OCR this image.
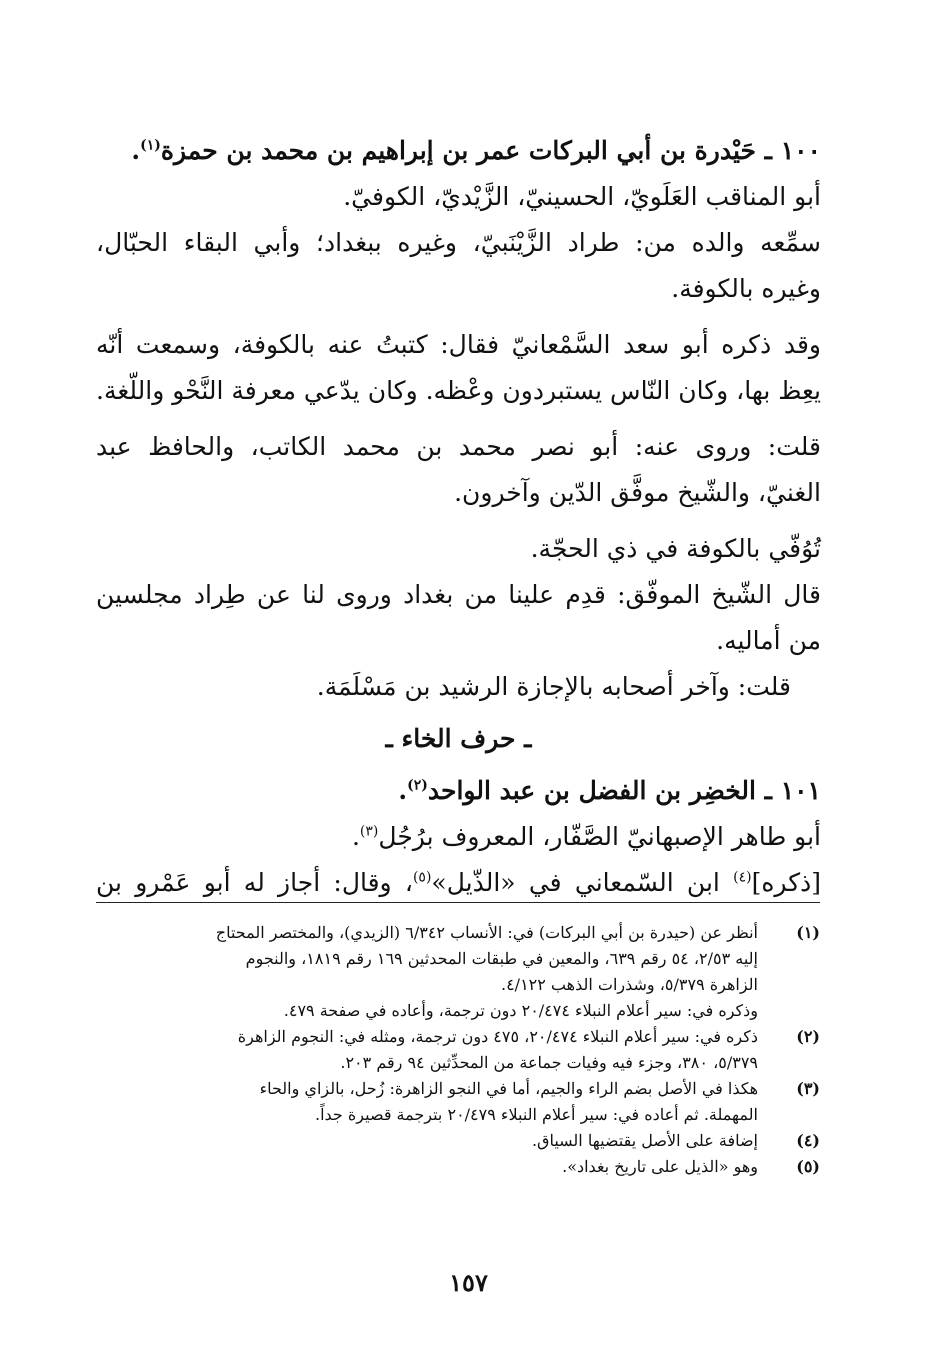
١٠٠ ـ حَيْدرة بن أبي البركات عمر بن إبراهيم بن محمد بن حمزة$^{(١)}$.
أبو المناقب العَلَويّ، الحسينيّ، الزَّيْديّ، الكوفيّ.
سمِّعه والده من: طراد الزَّيْنَبيّ، وغيره ببغداد؛ وأبي البقاء الحبّال،
وغيره بالكوفة.
وقد ذكره أبو سعد السَّمْعانيّ فقال: كتبتُ عنه بالكوفة، وسمعت أنّه
يعِظ بها، وكان النّاس يستبردون وعْظه. وكان يدّعي معرفة النَّحْو واللّغة.
قلت: وروى عنه: أبو نصر محمد بن محمد الكاتب، والحافظ عبد
الغنيّ، والشّيخ موفَّق الدّين وآخرون.
تُوُفّي بالكوفة في ذي الحجّة.
قال الشّيخ الموفّق: قدِم علينا من بغداد وروى لنا عن طِراد مجلسين
من أماليه.
قلت: وآخر أصحابه بالإجازة الرشيد بن مَسْلَمَة.
ـ حرف الخاء ـ
١٠١ ـ الخضِر بن الفضل بن عبد الواحد$^{(٢)}$.
أبو طاهر الإصبهانيّ الصَّفّار، المعروف برُجُل$^{(٣)}$.
[ذكره]$^{(٤)}$ ابن السّمعاني في «الذّيل»$^{(٥)}$، وقال: أجاز له أبو عَمْرو بن
(١)
أنظر عن (حيدرة بن أبي البركات) في: الأنساب ٦/٣٤٢ (الزيدي)، والمختصر المحتاج
إليه ٢/٥٣، ٥٤ رقم ٦٣٩، والمعين في طبقات المحدثين ١٦٩ رقم ١٨١٩، والنجوم
الزاهرة ٥/٣٧٩، وشذرات الذهب ٤/١٢٢.
وذكره في: سير أعلام النبلاء ٢٠/٤٧٤ دون ترجمة، وأعاده في صفحة ٤٧٩.
(٢)
ذكره في: سير أعلام النبلاء ٢٠/٤٧٤، ٤٧٥ دون ترجمة، ومثله في: النجوم الزاهرة
٥/٣٧٩، ٣٨٠، وجزء فيه وفيات جماعة من المحدِّثين ٩٤ رقم ٢٠٣.
(٣)
هكذا في الأصل بضم الراء والجيم، أما في النجو الزاهرة: زُحل، بالزاي والحاء
المهملة. ثم أعاده في: سير أعلام النبلاء ٢٠/٤٧٩ بترجمة قصيرة جداً.
(٤)
إضافة على الأصل يقتضيها السياق.
(٥)
وهو «الذيل على تاريخ بغداد».
١٥٧
